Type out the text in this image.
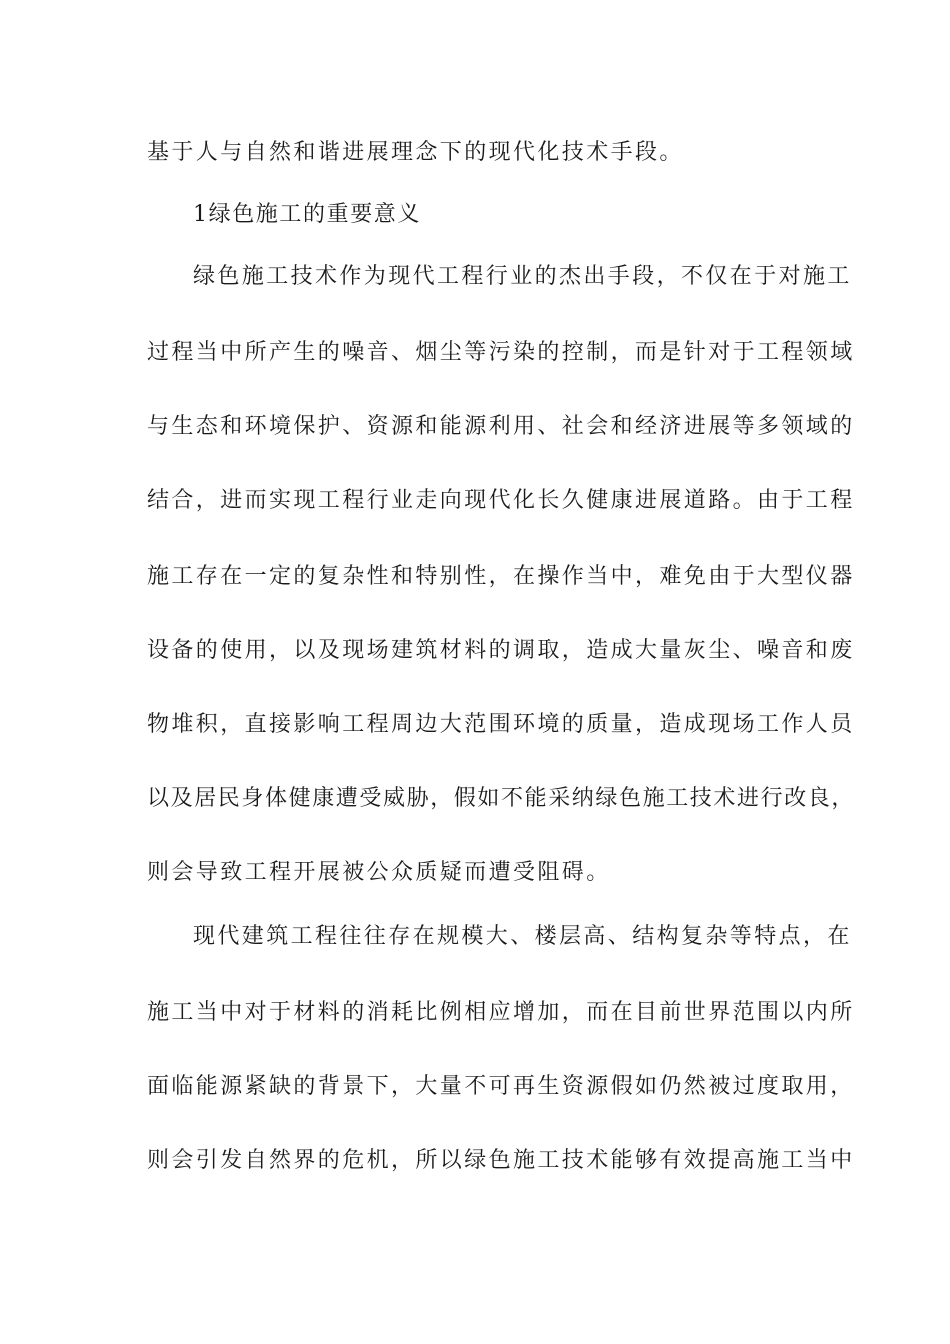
基于人与自然和谐进展理念下的现代化技术手段。
1绿色施工的重要意义
绿色施工技术作为现代工程行业的杰出手段，不仅在于对施工
过程当中所产生的噪音、烟尘等污染的控制，而是针对于工程领域
与生态和环境保护、资源和能源利用、社会和经济进展等多领域的
结合，进而实现工程行业走向现代化长久健康进展道路。由于工程
施工存在一定的复杂性和特别性，在操作当中，难免由于大型仪器
设备的使用，以及现场建筑材料的调取，造成大量灰尘、噪音和废
物堆积，直接影响工程周边大范围环境的质量，造成现场工作人员
以及居民身体健康遭受威胁，假如不能采纳绿色施工技术进行改良，
则会导致工程开展被公众质疑而遭受阻碍。
现代建筑工程往往存在规模大、楼层高、结构复杂等特点，在
施工当中对于材料的消耗比例相应增加，而在目前世界范围以内所
面临能源紧缺的背景下，大量不可再生资源假如仍然被过度取用，
则会引发自然界的危机，所以绿色施工技术能够有效提高施工当中
